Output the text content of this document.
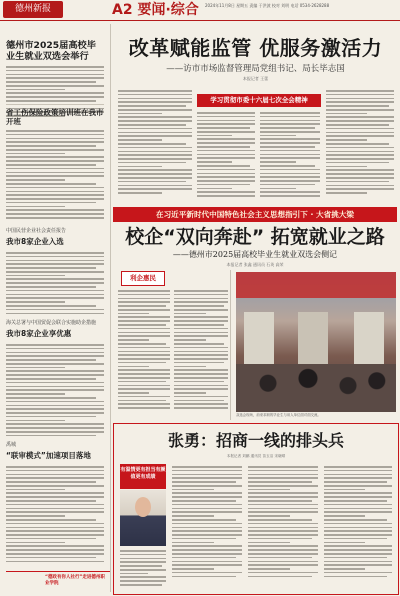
德州新报	A2 要闻·综合 2024年11月8日 星期五 责编 于洪波 校对 刘明 电话 0534-2628288
德州市2025届高校毕业生就业双选会举行
省工伤保险政策培训班在我市开班
中国民营企业社会责任报告
我市8家企业入选
海关总署与中国贸促会联合实施助企措施
我市8家企业享优惠
禹城
“联审模式”加速项目落地
“德政有你人社行”走进德州职业学院
改革赋能监管 优服务激活力
——访市市场监督管理局党组书记、局长毕志国
本报记者 王蕾
学习贯彻市委十六届七次全会精神
在习近平新时代中国特色社会主义思想指引下 · 大省挑大梁
校企“双向奔赴” 拓宽就业之路
——德州市2025届高校毕业生就业双选会侧记
本报记者 张鑫 通讯员 石英 高荣
利企惠民
双选会现场，前来求职的毕业生与用人单位面对面交流。
张勇：招商一线的排头兵
本报记者 刘鹏 通讯员 苗玉洁 宋晓晴
有温情更有担当有颜值更有成绩
